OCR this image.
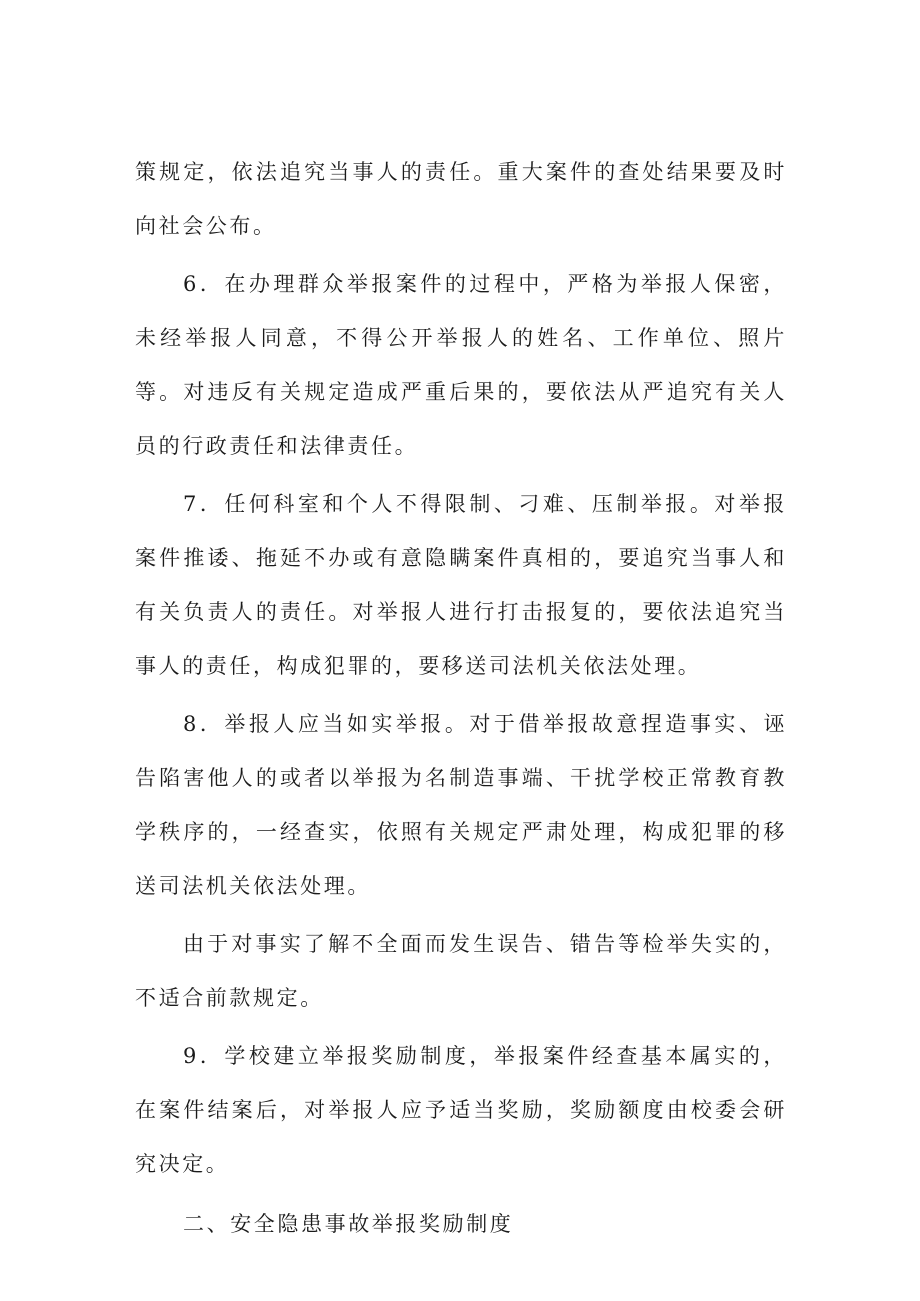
策规定，依法追究当事人的责任。重大案件的查处结果要及时向社会公布。

6．在办理群众举报案件的过程中，严格为举报人保密，未经举报人同意，不得公开举报人的姓名、工作单位、照片等。对违反有关规定造成严重后果的，要依法从严追究有关人员的行政责任和法律责任。

7．任何科室和个人不得限制、刁难、压制举报。对举报案件推诿、拖延不办或有意隐瞒案件真相的，要追究当事人和有关负责人的责任。对举报人进行打击报复的，要依法追究当事人的责任，构成犯罪的，要移送司法机关依法处理。

8．举报人应当如实举报。对于借举报故意捏造事实、诬告陷害他人的或者以举报为名制造事端、干扰学校正常教育教学秩序的，一经查实，依照有关规定严肃处理，构成犯罪的移送司法机关依法处理。

由于对事实了解不全面而发生误告、错告等检举失实的，不适合前款规定。

9．学校建立举报奖励制度，举报案件经查基本属实的，在案件结案后，对举报人应予适当奖励，奖励额度由校委会研究决定。

二、安全隐患事故举报奖励制度
